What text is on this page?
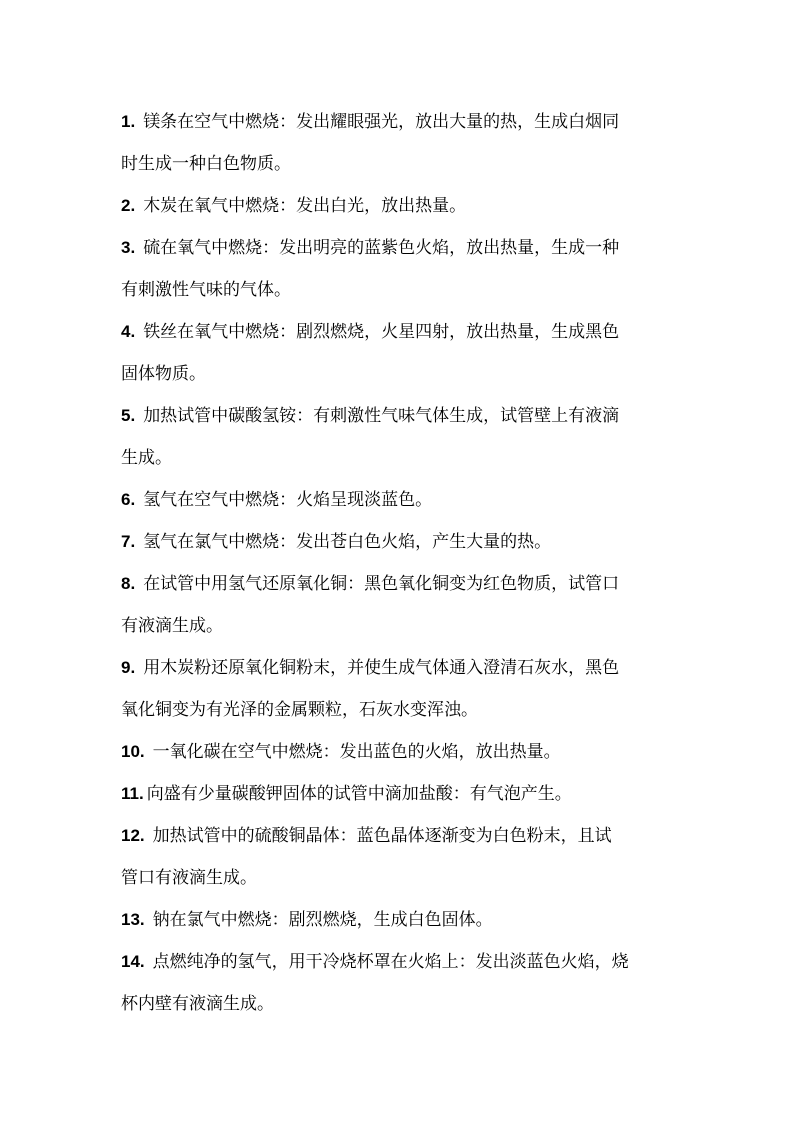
1. 镁条在空气中燃烧：发出耀眼强光，放出大量的热，生成白烟同
时生成一种白色物质。
2. 木炭在氧气中燃烧：发出白光，放出热量。
3. 硫在氧气中燃烧：发出明亮的蓝紫色火焰，放出热量，生成一种
有刺激性气味的气体。
4. 铁丝在氧气中燃烧：剧烈燃烧，火星四射，放出热量，生成黑色
固体物质。
5. 加热试管中碳酸氢铵：有刺激性气味气体生成，试管壁上有液滴
生成。
6. 氢气在空气中燃烧：火焰呈现淡蓝色。
7. 氢气在氯气中燃烧：发出苍白色火焰，产生大量的热。
8. 在试管中用氢气还原氧化铜：黑色氧化铜变为红色物质，试管口
有液滴生成。
9. 用木炭粉还原氧化铜粉末，并使生成气体通入澄清石灰水，黑色
氧化铜变为有光泽的金属颗粒，石灰水变浑浊。
10. 一氧化碳在空气中燃烧：发出蓝色的火焰，放出热量。
11. 向盛有少量碳酸钾固体的试管中滴加盐酸：有气泡产生。
12. 加热试管中的硫酸铜晶体：蓝色晶体逐渐变为白色粉末，且试
管口有液滴生成。
13. 钠在氯气中燃烧：剧烈燃烧，生成白色固体。
14. 点燃纯净的氢气，用干冷烧杯罩在火焰上：发出淡蓝色火焰，烧
杯内壁有液滴生成。
